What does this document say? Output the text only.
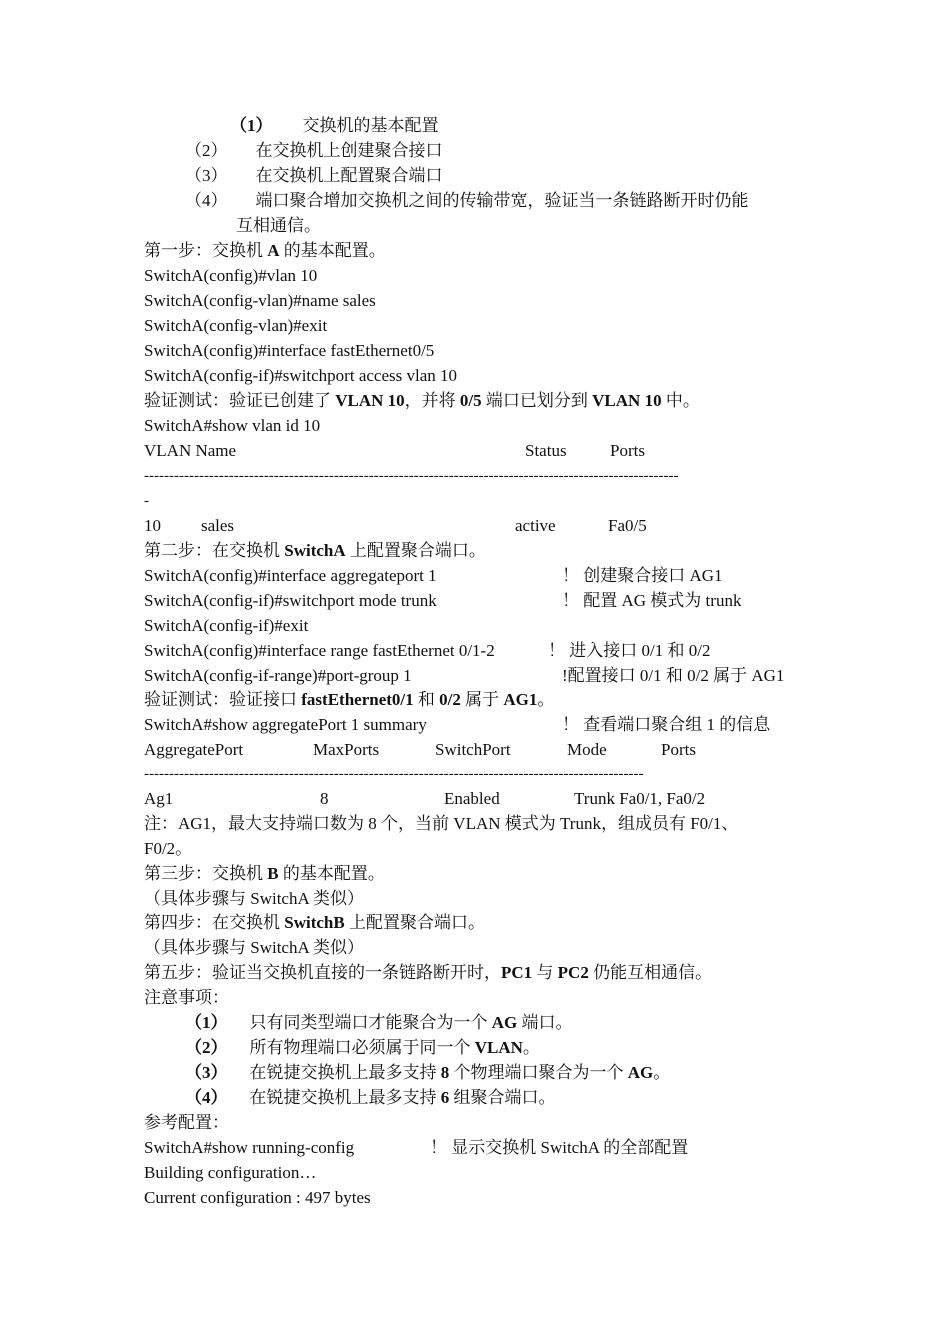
（1） 交换机的基本配置
（2） 在交换机上创建聚合接口
（3） 在交换机上配置聚合端口
（4） 端口聚合增加交换机之间的传输带宽，验证当一条链路断开时仍能
互相通信。
第一步：交换机 A 的基本配置。
SwitchA(config)#vlan 10
SwitchA(config-vlan)#name sales
SwitchA(config-vlan)#exit
SwitchA(config)#interface fastEthernet0/5
SwitchA(config-if)#switchport access vlan 10
验证测试：验证已创建了 VLAN 10，并将 0/5 端口已划分到 VLAN 10 中。
SwitchA#show vlan id 10
VLAN Name	Status	Ports
-----------------------------------------------------------------------------------------------------------
-
10 sales	active	Fa0/5
第二步：在交换机 SwitchA 上配置聚合端口。
SwitchA(config)#interface aggregateport 1	！ 创建聚合接口 AG1
SwitchA(config-if)#switchport mode trunk	！ 配置 AG 模式为 trunk
SwitchA(config-if)#exit
SwitchA(config)#interface range fastEthernet 0/1-2	！ 进入接口 0/1 和 0/2
SwitchA(config-if-range)#port-group 1	!配置接口 0/1 和 0/2 属于 AG1
验证测试：验证接口 fastEthernet0/1 和 0/2 属于 AG1。
SwitchA#show aggregatePort 1 summary	！ 查看端口聚合组 1 的信息
AggregatePort	MaxPorts	SwitchPort	Mode	Ports
----------------------------------------------------------------------------------------------------
Ag1	8	Enabled	Trunk Fa0/1, Fa0/2
注：AG1，最大支持端口数为 8 个，当前 VLAN 模式为 Trunk，组成员有 F0/1、
F0/2。
第三步：交换机 B 的基本配置。
（具体步骤与 SwitchA 类似）
第四步：在交换机 SwitchB 上配置聚合端口。
（具体步骤与 SwitchA 类似）
第五步：验证当交换机直接的一条链路断开时，PC1 与 PC2 仍能互相通信。
注意事项：
（1） 只有同类型端口才能聚合为一个 AG 端口。
（2） 所有物理端口必须属于同一个 VLAN。
（3） 在锐捷交换机上最多支持 8 个物理端口聚合为一个 AG。
（4） 在锐捷交换机上最多支持 6 组聚合端口。
参考配置：
SwitchA#show running-config	！ 显示交换机 SwitchA 的全部配置
Building configuration…
Current configuration : 497 bytes
